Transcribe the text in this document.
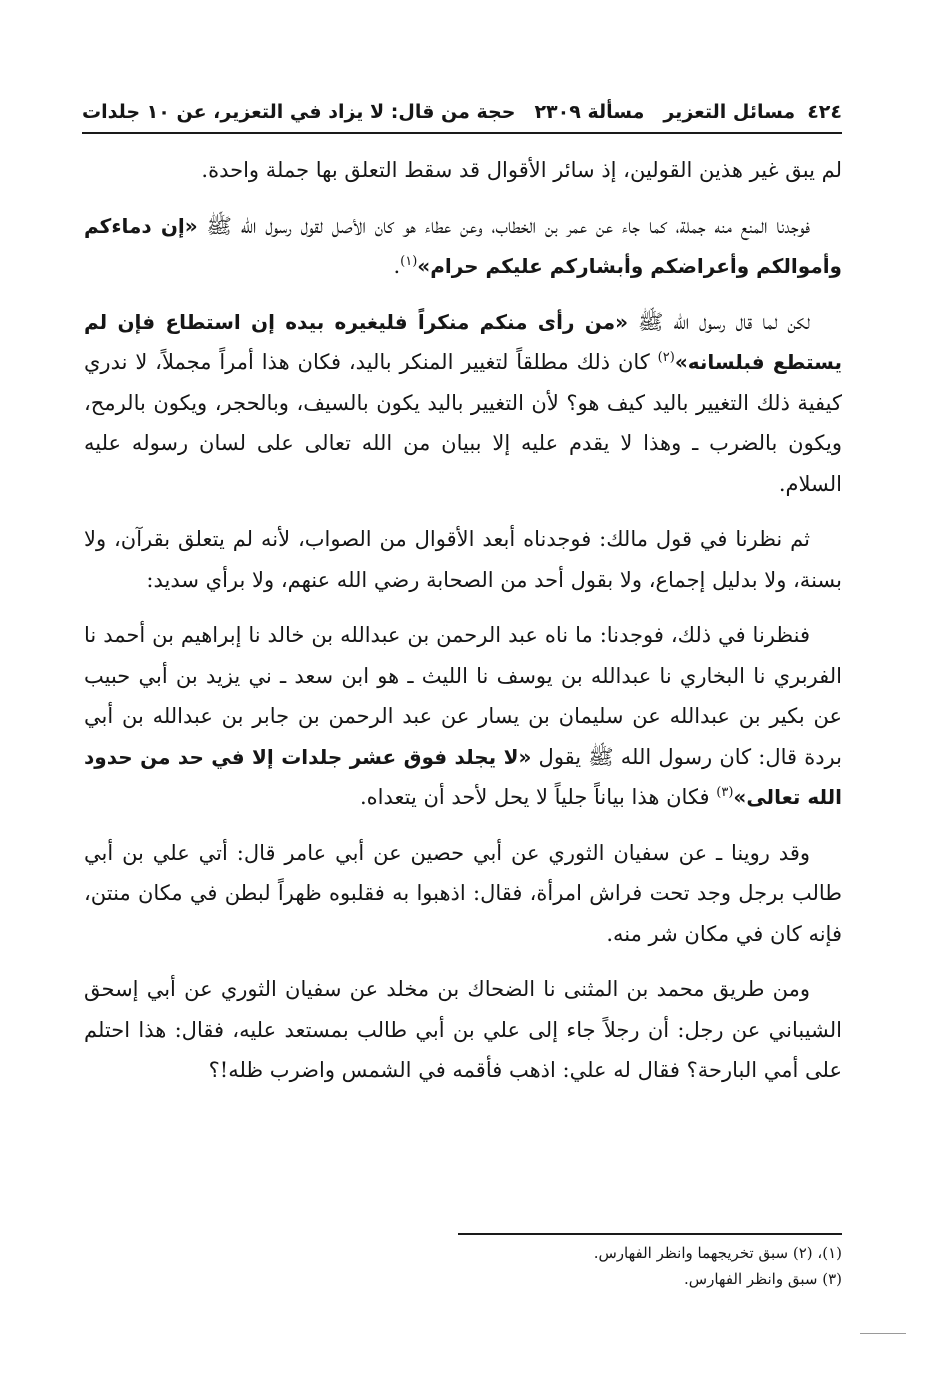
٤٢٤
مسائل التعزير
مسألة ٢٣٠٩
حجة من قال: لا يزاد في التعزير، عن ١٠ جلدات

لم يبق غير هذين القولين، إذ سائر الأقوال قد سقط التعلق بها جملة واحدة.

فوجدنا المنع منه جملة، كما جاء عن عمر بن الخطاب، وعن عطاء هو كان الأصل لقول رسول الله ﷺ «إن دماءكم وأموالكم وأعراضكم وأبشاركم عليكم حرام»$^{(١)}$.

لكن لما قال رسول الله ﷺ «من رأى منكم منكراً فليغيره بيده إن استطاع فإن لم يستطع فبلسانه»$^{(٢)}$ كان ذلك مطلقاً لتغيير المنكر باليد، فكان هذا أمراً مجملاً، لا ندري كيفية ذلك التغيير باليد كيف هو؟ لأن التغيير باليد يكون بالسيف، وبالحجر، ويكون بالرمح، ويكون بالضرب ـ وهذا لا يقدم عليه إلا ببيان من الله تعالى على لسان رسوله عليه السلام.

ثم نظرنا في قول مالك: فوجدناه أبعد الأقوال من الصواب، لأنه لم يتعلق بقرآن، ولا بسنة، ولا بدليل إجماع، ولا بقول أحد من الصحابة رضي الله عنهم، ولا برأي سديد:

فنظرنا في ذلك، فوجدنا: ما ناه عبد الرحمن بن عبدالله بن خالد نا إبراهيم بن أحمد نا الفربري نا البخاري نا عبدالله بن يوسف نا الليث ـ هو ابن سعد ـ ني يزيد بن أبي حبيب عن بكير بن عبدالله عن سليمان بن يسار عن عبد الرحمن بن جابر بن عبدالله بن أبي بردة قال: كان رسول الله ﷺ يقول «لا يجلد فوق عشر جلدات إلا في حد من حدود الله تعالى»$^{(٣)}$ فكان هذا بياناً جلياً لا يحل لأحد أن يتعداه.

وقد روينا ـ عن سفيان الثوري عن أبي حصين عن أبي عامر قال: أتي علي بن أبي طالب برجل وجد تحت فراش امرأة، فقال: اذهبوا به فقلبوه ظهراً لبطن في مكان منتن، فإنه كان في مكان شر منه.

ومن طريق محمد بن المثنى نا الضحاك بن مخلد عن سفيان الثوري عن أبي إسحق الشيباني عن رجل: أن رجلاً جاء إلى علي بن أبي طالب بمستعد عليه، فقال: هذا احتلم على أمي البارحة؟ فقال له علي: اذهب فأقمه في الشمس واضرب ظله!؟

(١)، (٢) سبق تخريجهما وانظر الفهارس.
(٣) سبق وانظر الفهارس.
